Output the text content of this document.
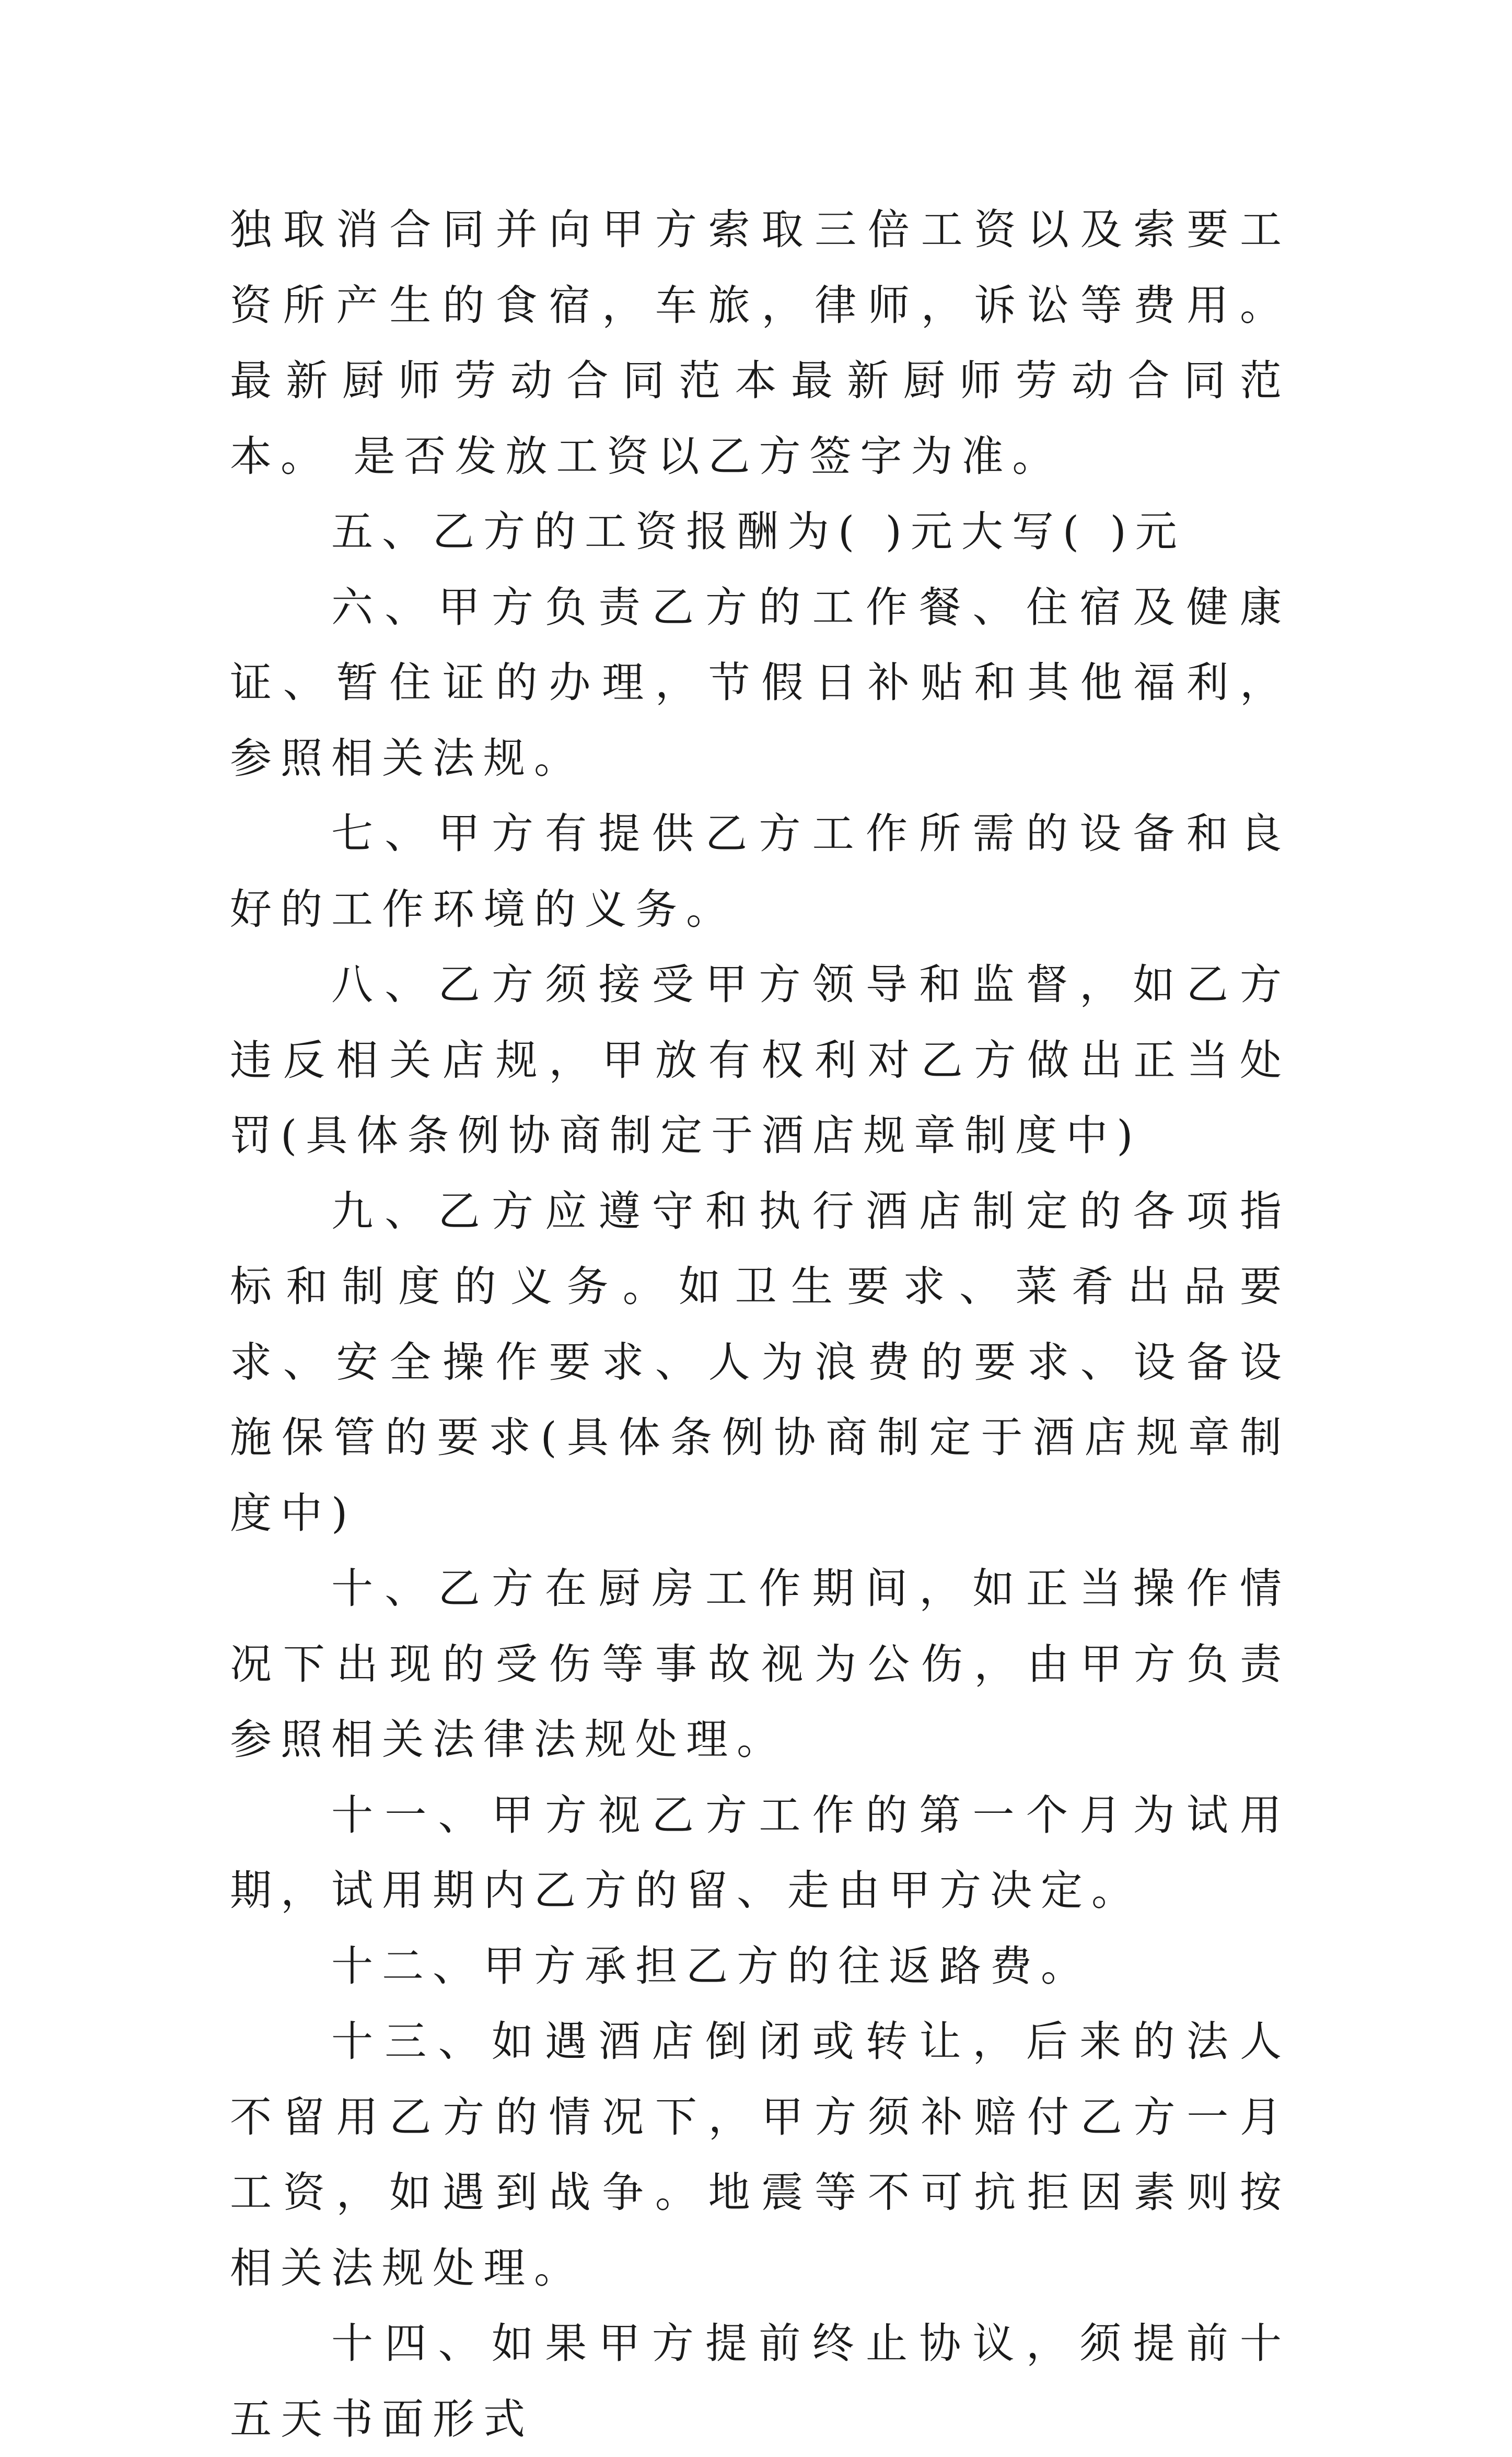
独取消合同并向甲方索取三倍工资以及索要工资所产生的食宿，车旅，律师，诉讼等费用。最新厨师劳动合同范本最新厨师劳动合同范本。 是否发放工资以乙方签字为准。

五、乙方的工资报酬为( )元大写( )元

六、甲方负责乙方的工作餐、住宿及健康证、暂住证的办理，节假日补贴和其他福利，参照相关法规。

七、甲方有提供乙方工作所需的设备和良好的工作环境的义务。

八、乙方须接受甲方领导和监督，如乙方违反相关店规，甲放有权利对乙方做出正当处罚(具体条例协商制定于酒店规章制度中)

九、乙方应遵守和执行酒店制定的各项指标和制度的义务。如卫生要求、菜肴出品要求、安全操作要求、人为浪费的要求、设备设施保管的要求(具体条例协商制定于酒店规章制度中)

十、乙方在厨房工作期间，如正当操作情况下出现的受伤等事故视为公伤，由甲方负责参照相关法律法规处理。

十一、甲方视乙方工作的第一个月为试用期，试用期内乙方的留、走由甲方决定。

十二、甲方承担乙方的往返路费。

十三、如遇酒店倒闭或转让，后来的法人不留用乙方的情况下，甲方须补赔付乙方一月工资，如遇到战争。地震等不可抗拒因素则按相关法规处理。

十四、如果甲方提前终止协议，须提前十五天书面形式
